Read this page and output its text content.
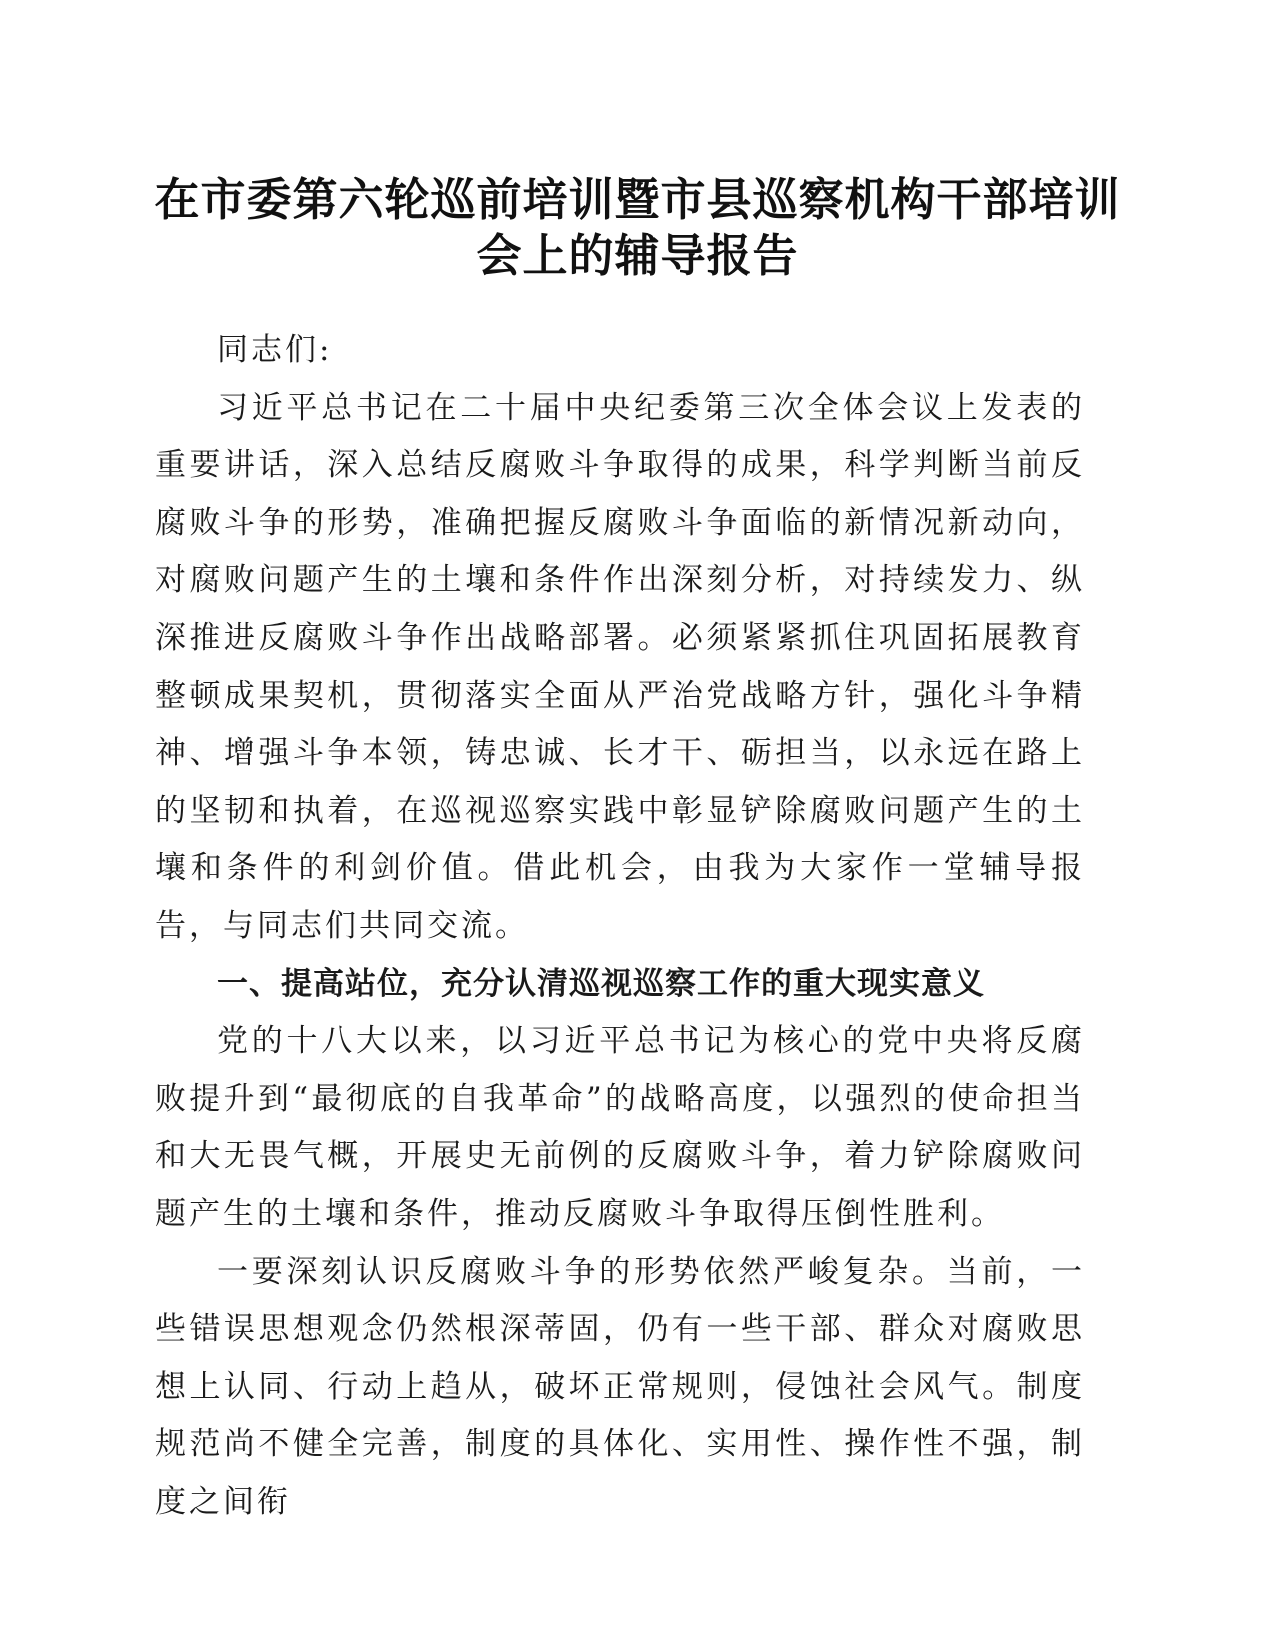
在市委第六轮巡前培训暨市县巡察机构干部培训会上的辅导报告

同志们:

习近平总书记在二十届中央纪委第三次全体会议上发表的重要讲话，深入总结反腐败斗争取得的成果，科学判断当前反腐败斗争的形势，准确把握反腐败斗争面临的新情况新动向，对腐败问题产生的土壤和条件作出深刻分析，对持续发力、纵深推进反腐败斗争作出战略部署。必须紧紧抓住巩固拓展教育整顿成果契机，贯彻落实全面从严治党战略方针，强化斗争精神、增强斗争本领，铸忠诚、长才干、砺担当，以永远在路上的坚韧和执着，在巡视巡察实践中彰显铲除腐败问题产生的土壤和条件的利剑价值。借此机会，由我为大家作一堂辅导报告，与同志们共同交流。

一、提高站位，充分认清巡视巡察工作的重大现实意义

党的十八大以来，以习近平总书记为核心的党中央将反腐败提升到“最彻底的自我革命”的战略高度，以强烈的使命担当和大无畏气概，开展史无前例的反腐败斗争，着力铲除腐败问题产生的土壤和条件，推动反腐败斗争取得压倒性胜利。

一要深刻认识反腐败斗争的形势依然严峻复杂。当前，一些错误思想观念仍然根深蒂固，仍有一些干部、群众对腐败思想上认同、行动上趋从，破坏正常规则，侵蚀社会风气。制度规范尚不健全完善，制度的具体化、实用性、操作性不强，制度之间衔
